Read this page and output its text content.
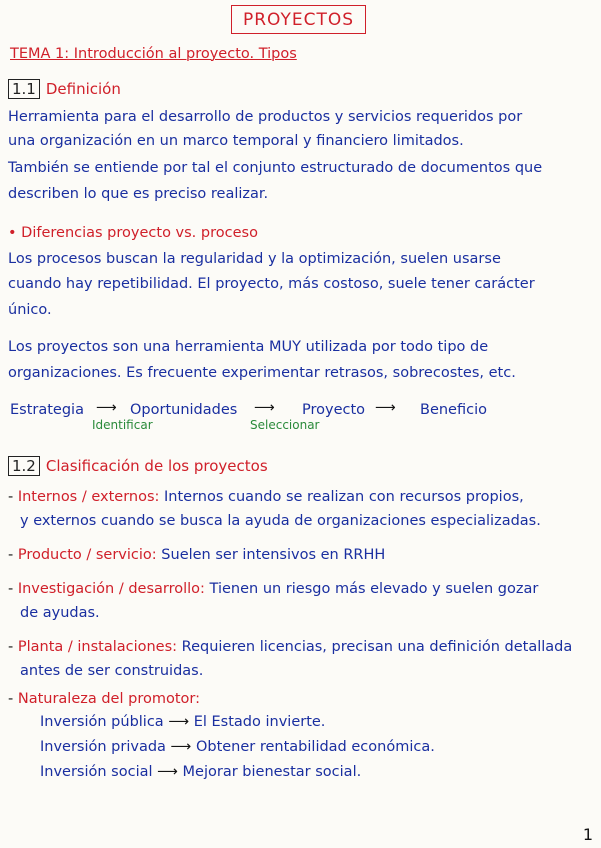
PROYECTOS
TEMA 1: Introducción al proyecto. Tipos
1.1 Definición
Herramienta para el desarrollo de productos y servicios requeridos por
una organización en un marco temporal y financiero limitados.
También se entiende por tal el conjunto estructurado de documentos que
describen lo que es preciso realizar.
• Diferencias proyecto vs. proceso
Los procesos buscan la regularidad y la optimización, suelen usarse
cuando hay repetibilidad. El proyecto, más costoso, suele tener carácter
único.
Los proyectos son una herramienta MUY utilizada por todo tipo de
organizaciones. Es frecuente experimentar retrasos, sobrecostes, etc.
Estrategia ⟶
Identificar
Oportunidades ⟶
Seleccionar
Proyecto ⟶ Beneficio
1.2 Clasificación de los proyectos
- Internos / externos: Internos cuando se realizan con recursos propios,
y externos cuando se busca la ayuda de organizaciones especializadas.
- Producto / servicio: Suelen ser intensivos en RRHH
- Investigación / desarrollo: Tienen un riesgo más elevado y suelen gozar
de ayudas.
- Planta / instalaciones: Requieren licencias, precisan una definición detallada
antes de ser construidas.
- Naturaleza del promotor:
Inversión pública ⟶ El Estado invierte.
Inversión privada ⟶ Obtener rentabilidad económica.
Inversión social ⟶ Mejorar bienestar social.
1
